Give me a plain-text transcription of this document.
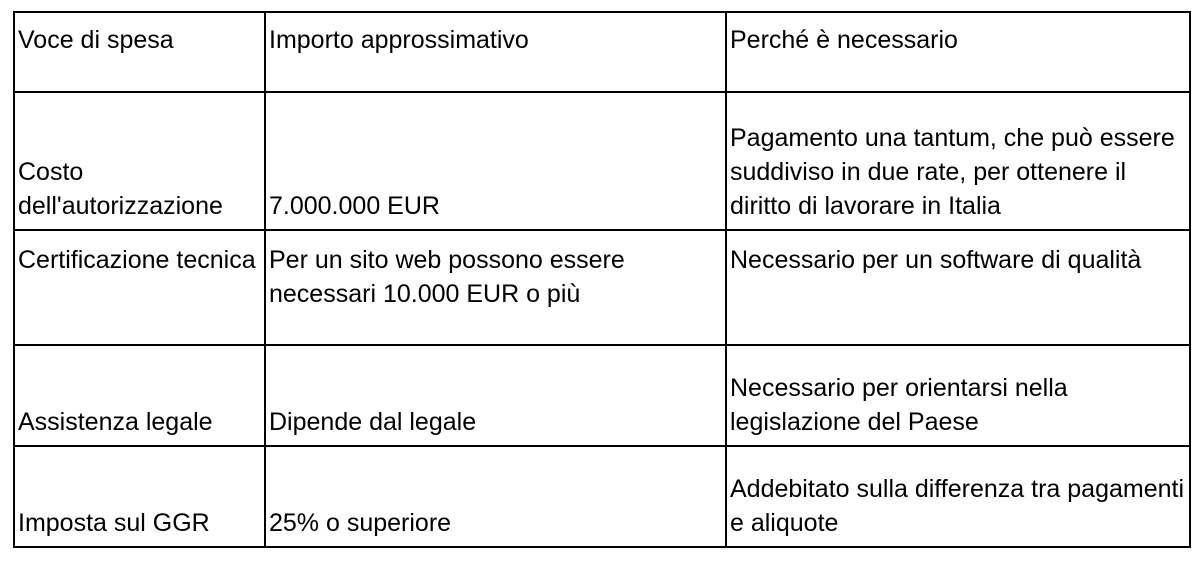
Voce di spesa	Importo approssimativo	Perché è necessario
Costo dell'autorizzazione	7.000.000 EUR	Pagamento una tantum, che può essere suddiviso in due rate, per ottenere il diritto di lavorare in Italia
Certificazione tecnica	Per un sito web possono essere necessari 10.000 EUR o più	Necessario per un software di qualità
Assistenza legale	Dipende dal legale	Necessario per orientarsi nella legislazione del Paese
Imposta sul GGR	25% o superiore	Addebitato sulla differenza tra pagamenti e aliquote
